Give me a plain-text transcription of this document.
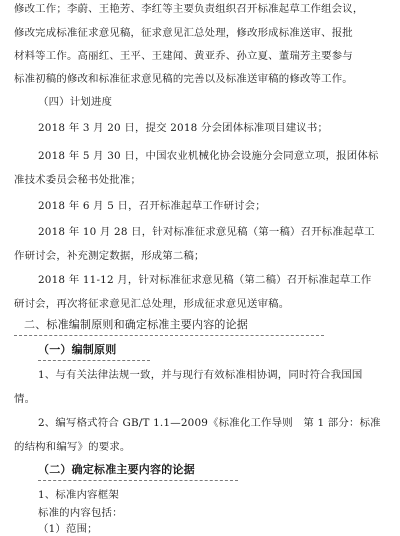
修改工作；李蔚、王艳芳、李红等主要负责组织召开标准起草工作组会议，
修改完成标准征求意见稿，征求意见汇总处理，修改形成标准送审、报批
材料等工作。高丽红、王平、王建闻、黄亚乔、孙立夏、董瑞芳主要参与
标准初稿的修改和标准征求意见稿的完善以及标准送审稿的修改等工作。
（四）计划进度
2018 年 3 月 20 日，提交 2018 分会团体标准项目建议书；
2018 年 5 月 30 日，中国农业机械化协会设施分会同意立项，报团体标
准技术委员会秘书处批准；
2018 年 6 月 5 日，召开标准起草工作研讨会；
2018 年 10 月 28 日，针对标准征求意见稿（第一稿）召开标准起草工
作研讨会，补充测定数据，形成第二稿；
2018 年 11-12 月，针对标准征求意见稿（第二稿）召开标准起草工作
研讨会，再次将征求意见汇总处理，形成征求意见送审稿。
二、标准编制原则和确定标准主要内容的论据
（一）编制原则
1、与有关法律法规一致，并与现行有效标准相协调，同时符合我国国
情。
2、编写格式符合 GB/T 1.1—2009《标准化工作导则　第 1 部分：标准
的结构和编写》的要求。
（二）确定标准主要内容的论据
1、标准内容框架
标准的内容包括：
（1）范围；
